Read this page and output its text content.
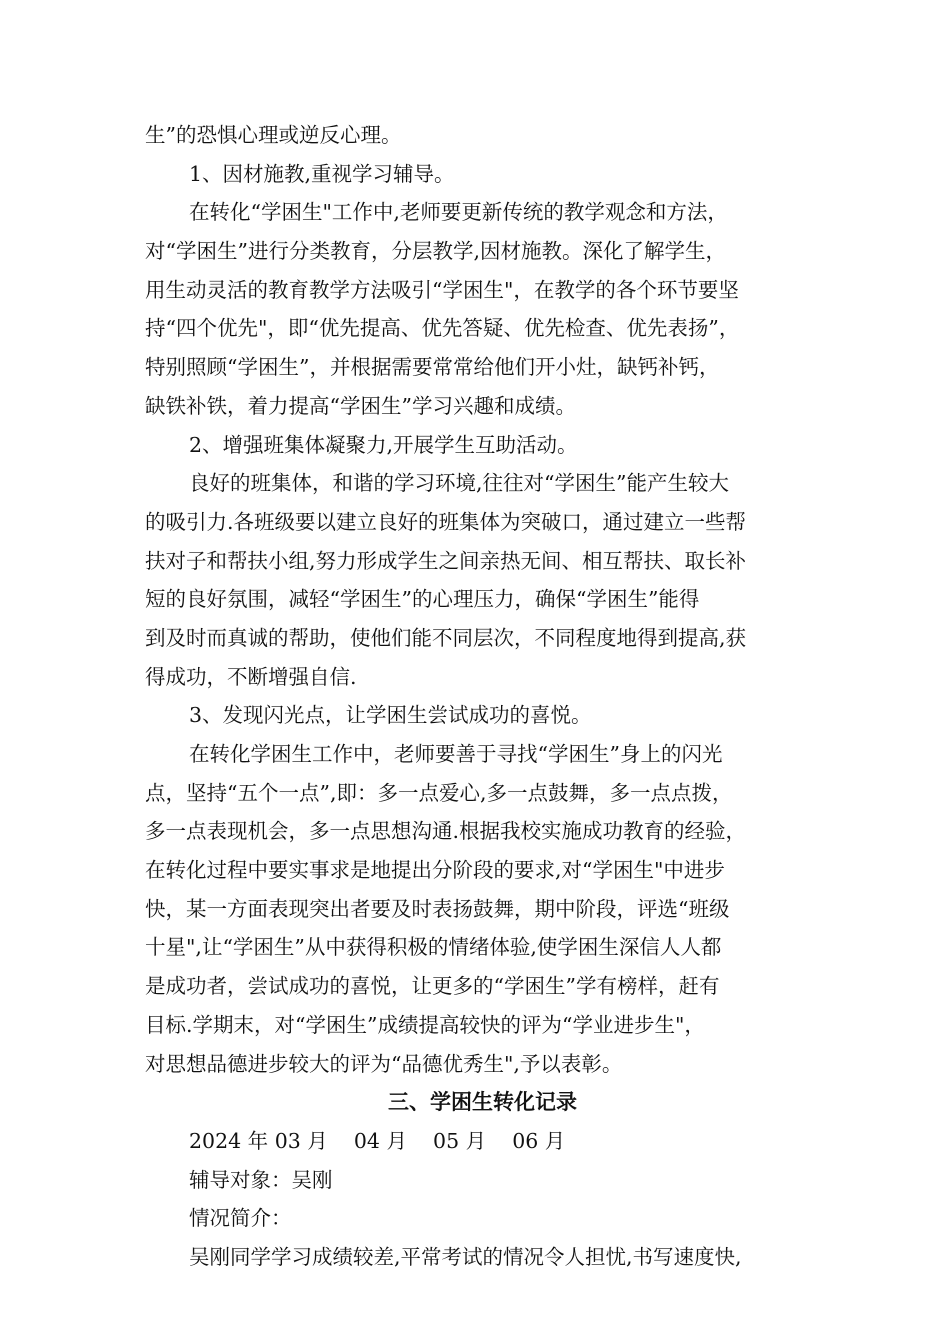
生”的恐惧心理或逆反心理。
1、因材施教,重视学习辅导。
在转化“学困生"工作中,老师要更新传统的教学观念和方法，
对“学困生”进行分类教育，分层教学,因材施教。深化了解学生，
用生动灵活的教育教学方法吸引“学困生"，在教学的各个环节要坚
持“四个优先"，即“优先提高、优先答疑、优先检查、优先表扬”，
特别照顾“学困生”，并根据需要常常给他们开小灶，缺钙补钙，
缺铁补铁，着力提高“学困生”学习兴趣和成绩。
2、增强班集体凝聚力,开展学生互助活动。
良好的班集体，和谐的学习环境,往往对“学困生”能产生较大
的吸引力.各班级要以建立良好的班集体为突破口，通过建立一些帮
扶对子和帮扶小组,努力形成学生之间亲热无间、相互帮扶、取长补
短的良好氛围，减轻“学困生”的心理压力，确保“学困生”能得
到及时而真诚的帮助，使他们能不同层次，不同程度地得到提高,获
得成功，不断增强自信.
3、发现闪光点，让学困生尝试成功的喜悦。
在转化学困生工作中，老师要善于寻找“学困生”身上的闪光
点，坚持“五个一点”,即：多一点爱心,多一点鼓舞，多一点点拨，
多一点表现机会，多一点思想沟通.根据我校实施成功教育的经验，
在转化过程中要实事求是地提出分阶段的要求,对“学困生"中进步
快，某一方面表现突出者要及时表扬鼓舞，期中阶段，评选“班级
十星",让“学困生”从中获得积极的情绪体验,使学困生深信人人都
是成功者，尝试成功的喜悦，让更多的“学困生”学有榜样，赶有
目标.学期末，对“学困生”成绩提高较快的评为“学业进步生"，
对思想品德进步较大的评为“品德优秀生",予以表彰。
三、学困生转化记录
2024 年 03 月    04 月    05 月    06 月
辅导对象：吴刚
情况简介：
吴刚同学学习成绩较差,平常考试的情况令人担忧,书写速度快,
